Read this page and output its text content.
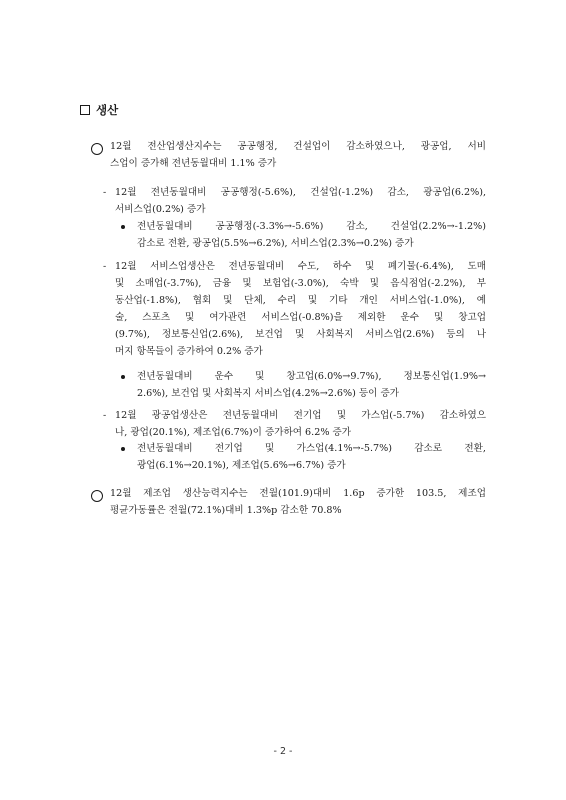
생산
12월 전산업생산지수는 공공행정, 건설업이 감소하였으나, 광공업, 서비
스업이 증가해 전년동월대비 1.1% 증가
- 12월 전년동월대비 공공행정(-5.6%), 건설업(-1.2%) 감소, 광공업(6.2%),
서비스업(0.2%) 증가
전년동월대비 공공행정(-3.3%→-5.6%) 감소, 건설업(2.2%→-1.2%)
감소로 전환, 광공업(5.5%→6.2%), 서비스업(2.3%→0.2%) 증가
- 12월 서비스업생산은 전년동월대비 수도, 하수 및 폐기물(-6.4%), 도매
및 소매업(-3.7%), 금융 및 보험업(-3.0%), 숙박 및 음식점업(-2.2%), 부
동산업(-1.8%), 협회 및 단체, 수리 및 기타 개인 서비스업(-1.0%), 예
술, 스포츠 및 여가관련 서비스업(-0.8%)을 제외한 운수 및 창고업
(9.7%), 정보통신업(2.6%), 보건업 및 사회복지 서비스업(2.6%) 등의 나
머지 항목들이 증가하여 0.2% 증가
전년동월대비 운수 및 창고업(6.0%→9.7%), 정보통신업(1.9%→
2.6%), 보건업 및 사회복지 서비스업(4.2%→2.6%) 등이 증가
- 12월 광공업생산은 전년동월대비 전기업 및 가스업(-5.7%) 감소하였으
나, 광업(20.1%), 제조업(6.7%)이 증가하여 6.2% 증가
전년동월대비 전기업 및 가스업(4.1%→-5.7%) 감소로 전환,
광업(6.1%→20.1%), 제조업(5.6%→6.7%) 증가
12월 제조업 생산능력지수는 전월(101.9)대비 1.6p 증가한 103.5, 제조업
평균가동률은 전월(72.1%)대비 1.3%p 감소한 70.8%
- 2 -
